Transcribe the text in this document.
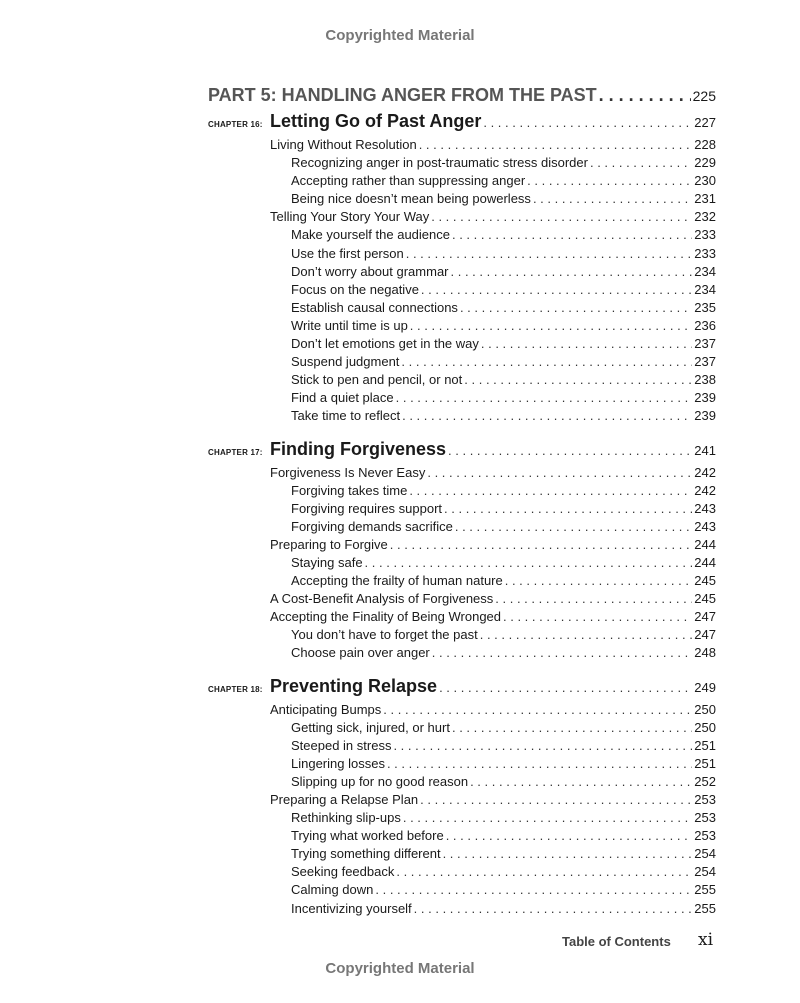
Copyrighted Material
PART 5: HANDLING ANGER FROM THE PAST . . .	225
CHAPTER 16: Letting Go of Past Anger . . .	227
Living Without Resolution . . .	228
Recognizing anger in post-traumatic stress disorder . . .	229
Accepting rather than suppressing anger . . .	230
Being nice doesn’t mean being powerless . . .	231
Telling Your Story Your Way . . .	232
Make yourself the audience . . .	233
Use the first person . . .	233
Don’t worry about grammar . . .	234
Focus on the negative . . .	234
Establish causal connections . . .	235
Write until time is up . . .	236
Don’t let emotions get in the way . . .	237
Suspend judgment . . .	237
Stick to pen and pencil, or not . . .	238
Find a quiet place . . .	239
Take time to reflect . . .	239
CHAPTER 17: Finding Forgiveness . . .	241
Forgiveness Is Never Easy . . .	242
Forgiving takes time . . .	242
Forgiving requires support . . .	243
Forgiving demands sacrifice . . .	243
Preparing to Forgive . . .	244
Staying safe . . .	244
Accepting the frailty of human nature . . .	245
A Cost-Benefit Analysis of Forgiveness . . .	245
Accepting the Finality of Being Wronged . . .	247
You don’t have to forget the past . . .	247
Choose pain over anger . . .	248
CHAPTER 18: Preventing Relapse . . .	249
Anticipating Bumps . . .	250
Getting sick, injured, or hurt . . .	250
Steeped in stress . . .	251
Lingering losses . . .	251
Slipping up for no good reason . . .	252
Preparing a Relapse Plan . . .	253
Rethinking slip-ups . . .	253
Trying what worked before . . .	253
Trying something different . . .	254
Seeking feedback . . .	254
Calming down . . .	255
Incentivizing yourself . . .	255
Table of Contents xi
Copyrighted Material
